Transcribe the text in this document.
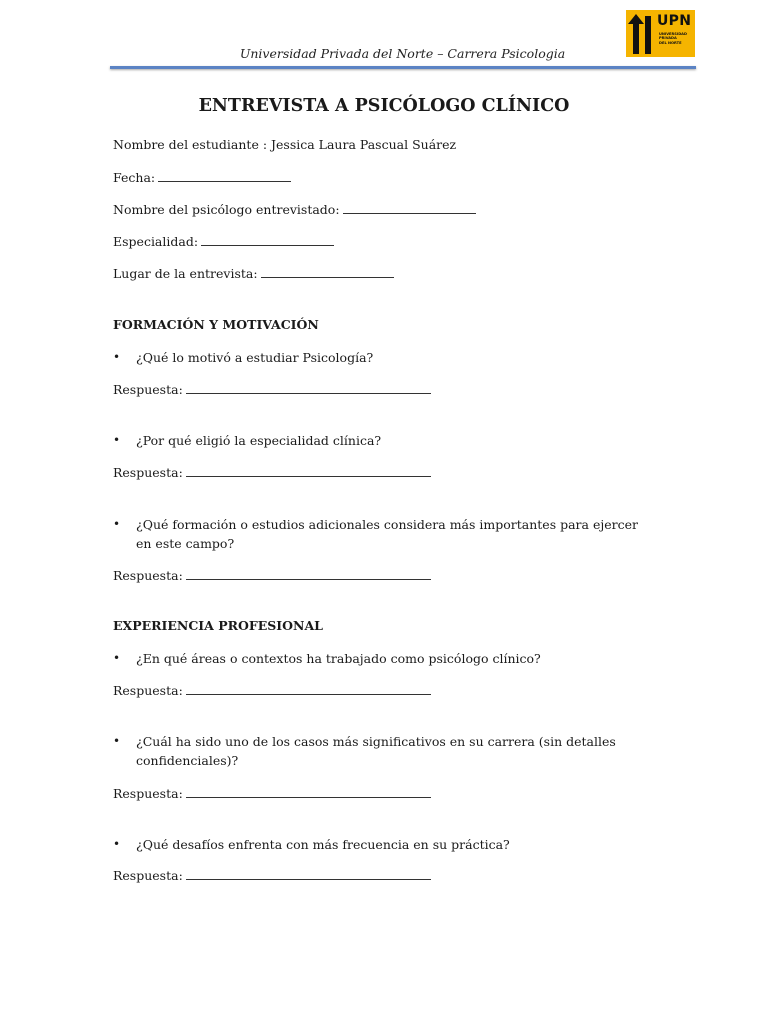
Universidad Privada del Norte – Carrera Psicologia
UPN
UNIVERSIDAD
PRIVADA
DEL NORTE
ENTREVISTA A PSICÓLOGO CLÍNICO
Nombre del estudiante : Jessica Laura Pascual Suárez
Fecha:
Nombre del psicólogo entrevistado:
Especialidad:
Lugar de la entrevista:
FORMACIÓN Y MOTIVACIÓN
• ¿Qué lo motivó a estudiar Psicología?
Respuesta:
• ¿Por qué eligió la especialidad clínica?
Respuesta:
• ¿Qué formación o estudios adicionales considera más importantes para ejercer en este campo?
Respuesta:
EXPERIENCIA PROFESIONAL
• ¿En qué áreas o contextos ha trabajado como psicólogo clínico?
Respuesta:
• ¿Cuál ha sido uno de los casos más significativos en su carrera (sin detalles confidenciales)?
Respuesta:
• ¿Qué desafíos enfrenta con más frecuencia en su práctica?
Respuesta:
